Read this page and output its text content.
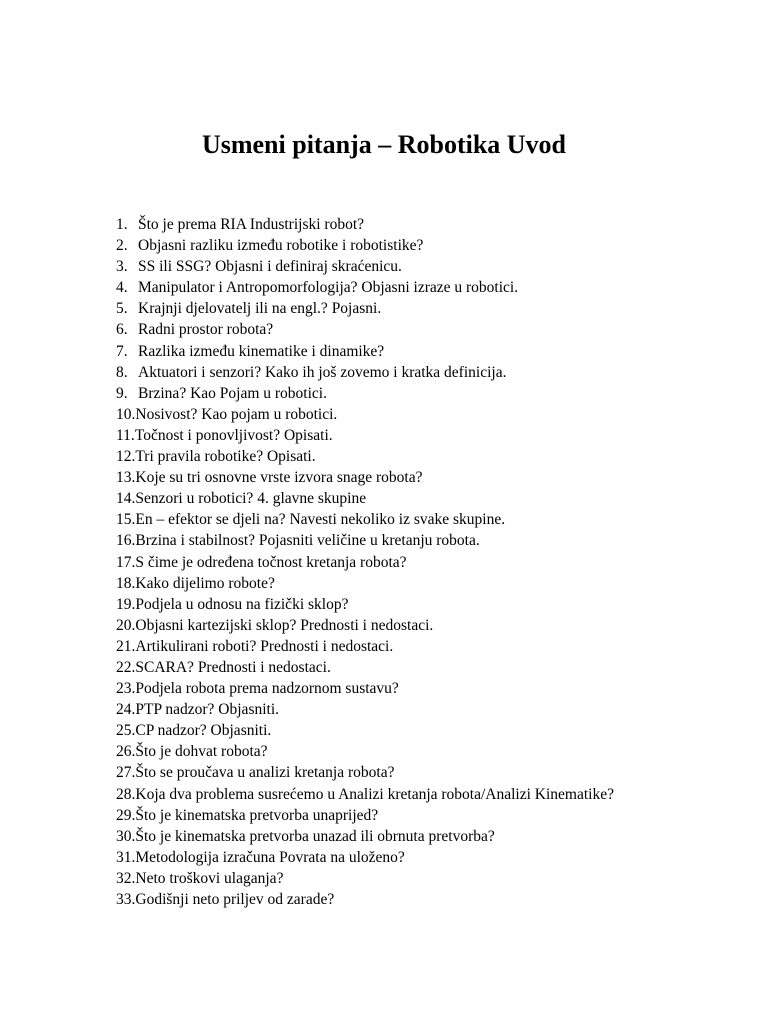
Usmeni pitanja – Robotika Uvod
1. Što je prema RIA Industrijski robot?
2. Objasni razliku između robotike i robotistike?
3. SS ili SSG? Objasni i definiraj skraćenicu.
4. Manipulator i Antropomorfologija? Objasni izraze u robotici.
5. Krajnji djelovatelj ili na engl.? Pojasni.
6. Radni prostor robota?
7. Razlika između kinematike i dinamike?
8. Aktuatori i senzori? Kako ih još zovemo i kratka definicija.
9. Brzina? Kao Pojam u robotici.
10. Nosivost? Kao pojam u robotici.
11. Točnost i ponovljivost? Opisati.
12. Tri pravila robotike? Opisati.
13. Koje su tri osnovne vrste izvora snage robota?
14. Senzori u robotici? 4. glavne skupine
15. En – efektor se djeli na? Navesti nekoliko iz svake skupine.
16. Brzina i stabilnost? Pojasniti veličine u kretanju robota.
17. S čime je određena točnost kretanja robota?
18. Kako dijelimo robote?
19. Podjela u odnosu na fizički sklop?
20. Objasni kartezijski sklop? Prednosti i nedostaci.
21. Artikulirani roboti? Prednosti i nedostaci.
22. SCARA? Prednosti i nedostaci.
23. Podjela robota prema nadzornom sustavu?
24. PTP nadzor? Objasniti.
25. CP nadzor? Objasniti.
26. Što je dohvat robota?
27. Što se proučava u analizi kretanja robota?
28. Koja dva problema susrećemo u Analizi kretanja robota/Analizi Kinematike?
29. Što je kinematska pretvorba unaprijed?
30. Što je kinematska pretvorba unazad ili obrnuta pretvorba?
31. Metodologija izračuna Povrata na uloženo?
32. Neto troškovi ulaganja?
33. Godišnji neto priljev od zarade?
